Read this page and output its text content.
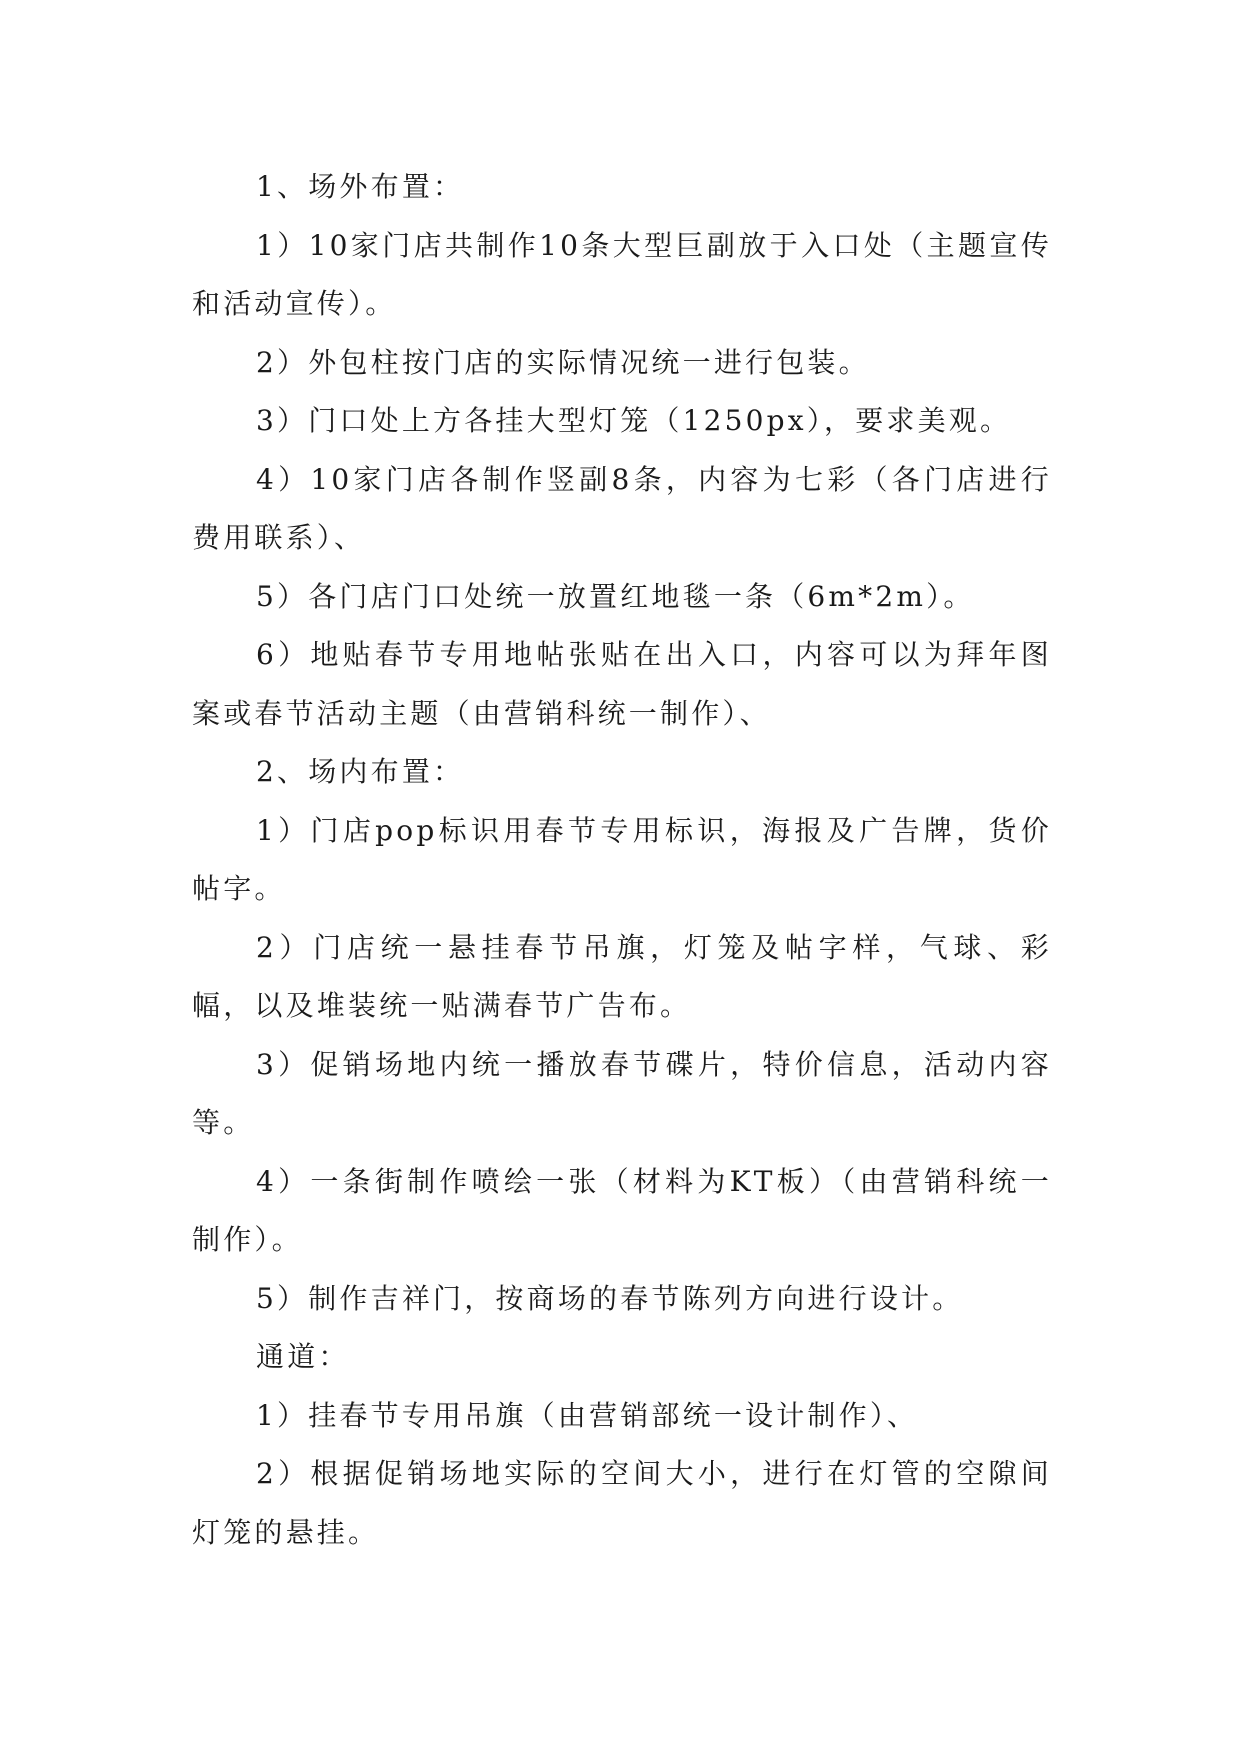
1、场外布置：

1）10家门店共制作10条大型巨副放于入口处（主题宣传和活动宣传）。

2）外包柱按门店的实际情况统一进行包装。

3）门口处上方各挂大型灯笼（1250px），要求美观。

4）10家门店各制作竖副8条，内容为七彩（各门店进行费用联系）、

5）各门店门口处统一放置红地毯一条（6m*2m）。

6）地贴春节专用地帖张贴在出入口，内容可以为拜年图案或春节活动主题（由营销科统一制作）、

2、场内布置：

1）门店pop标识用春节专用标识，海报及广告牌，货价帖字。

2）门店统一悬挂春节吊旗，灯笼及帖字样，气球、彩幅，以及堆装统一贴满春节广告布。

3）促销场地内统一播放春节碟片，特价信息，活动内容等。

4）一条街制作喷绘一张（材料为KT板）（由营销科统一制作）。

5）制作吉祥门，按商场的春节陈列方向进行设计。

通道：

1）挂春节专用吊旗（由营销部统一设计制作）、

2）根据促销场地实际的空间大小，进行在灯管的空隙间灯笼的悬挂。
